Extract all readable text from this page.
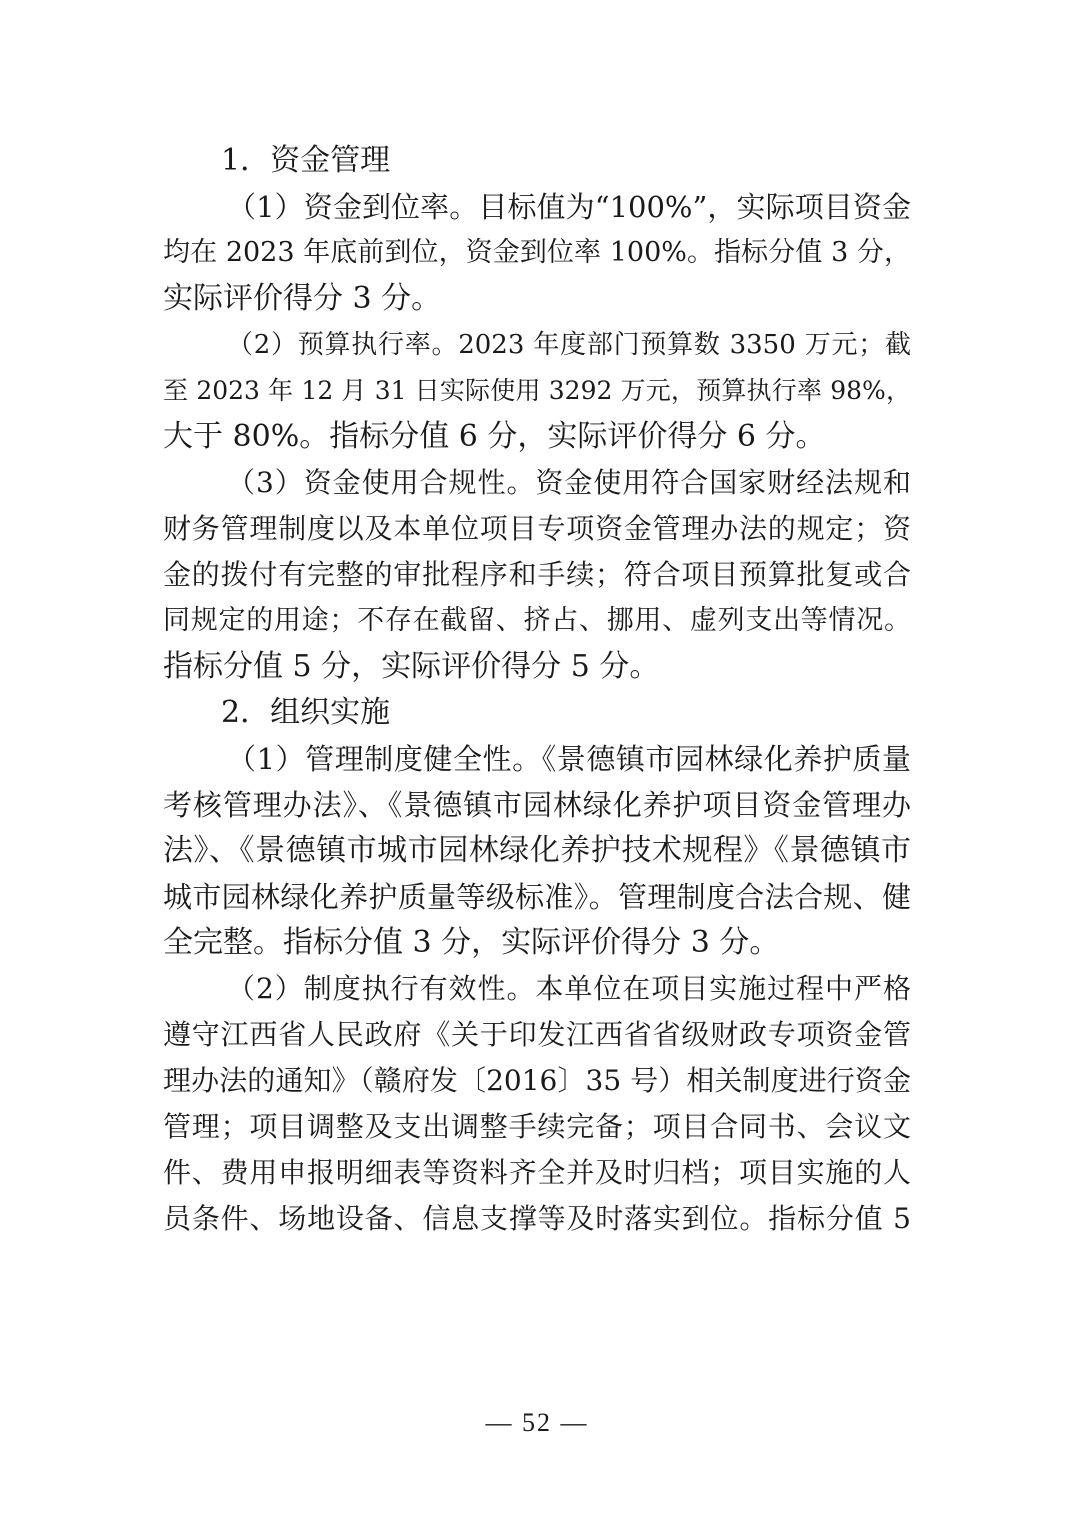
1．资金管理
（1）资金到位率。目标值为“100%”，实际项目资金
均在 2023 年底前到位，资金到位率 100%。指标分值 3 分，
实际评价得分 3 分。
（2）预算执行率。2023 年度部门预算数 3350 万元；截
至 2023 年 12 月 31 日实际使用 3292 万元，预算执行率 98%，
大于 80%。指标分值 6 分，实际评价得分 6 分。
（3）资金使用合规性。资金使用符合国家财经法规和
财务管理制度以及本单位项目专项资金管理办法的规定；资
金的拨付有完整的审批程序和手续；符合项目预算批复或合
同规定的用途；不存在截留、挤占、挪用、虚列支出等情况。
指标分值 5 分，实际评价得分 5 分。
2．组织实施
（1）管理制度健全性。《景德镇市园林绿化养护质量
考核管理办法》、《景德镇市园林绿化养护项目资金管理办
法》、《景德镇市城市园林绿化养护技术规程》《景德镇市
城市园林绿化养护质量等级标准》。管理制度合法合规、健
全完整。指标分值 3 分，实际评价得分 3 分。
（2）制度执行有效性。本单位在项目实施过程中严格
遵守江西省人民政府《关于印发江西省省级财政专项资金管
理办法的通知》（赣府发〔2016〕35 号）相关制度进行资金
管理；项目调整及支出调整手续完备；项目合同书、会议文
件、费用申报明细表等资料齐全并及时归档；项目实施的人
员条件、场地设备、信息支撑等及时落实到位。指标分值 5
— 52 —
